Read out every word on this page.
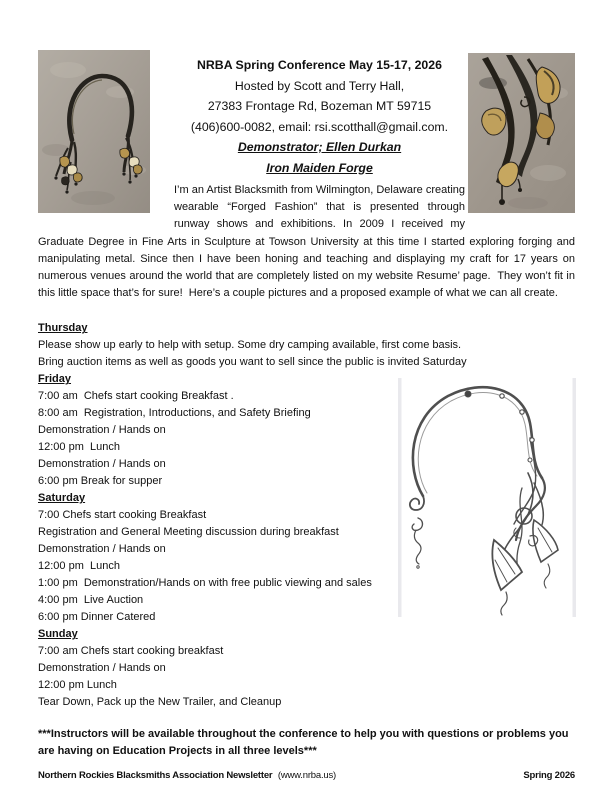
NRBA Spring Conference May 15-17, 2026
Hosted by Scott and Terry Hall,
27383 Frontage Rd, Bozeman MT 59715
(406)600-0082, email: rsi.scotthall@gmail.com.
Demonstrator; Ellen Durkan
Iron Maiden Forge

I’m an Artist Blacksmith from Wilmington, Delaware creating wearable “Forged Fashion” that is presented through runway shows and exhibitions. In 2009 I received my Graduate Degree in Fine Arts in Sculpture at Towson University at this time I started exploring forging and manipulating metal. Since then I have been honing and teaching and displaying my craft for 17 years on numerous venues around the world that are completely listed on my website Resume’ page.  They won’t fit in this little space that’s for sure!  Here’s a couple pictures and a proposed example of what we can all create.

Thursday

Please show up early to help with setup. Some dry camping available, first come basis.

Bring auction items as well as goods you want to sell since the public is invited Saturday

Friday

7:00 am  Chefs start cooking Breakfast .

8:00 am  Registration, Introductions, and Safety Briefing

Demonstration / Hands on

12:00 pm  Lunch

Demonstration / Hands on

6:00 pm Break for supper

Saturday

7:00 Chefs start cooking Breakfast

Registration and General Meeting discussion during breakfast

Demonstration / Hands on

12:00 pm  Lunch

1:00 pm  Demonstration/Hands on with free public viewing and sales

4:00 pm  Live Auction

6:00 pm Dinner Catered

Sunday

7:00 am Chefs start cooking breakfast

Demonstration / Hands on

12:00 pm Lunch

Tear Down, Pack up the New Trailer, and Cleanup

***Instructors will be available throughout the conference to help you with questions or problems you are having on Education Projects in all three levels***

Northern Rockies Blacksmiths Association Newsletter (www.nrba.us)	Spring 2026
